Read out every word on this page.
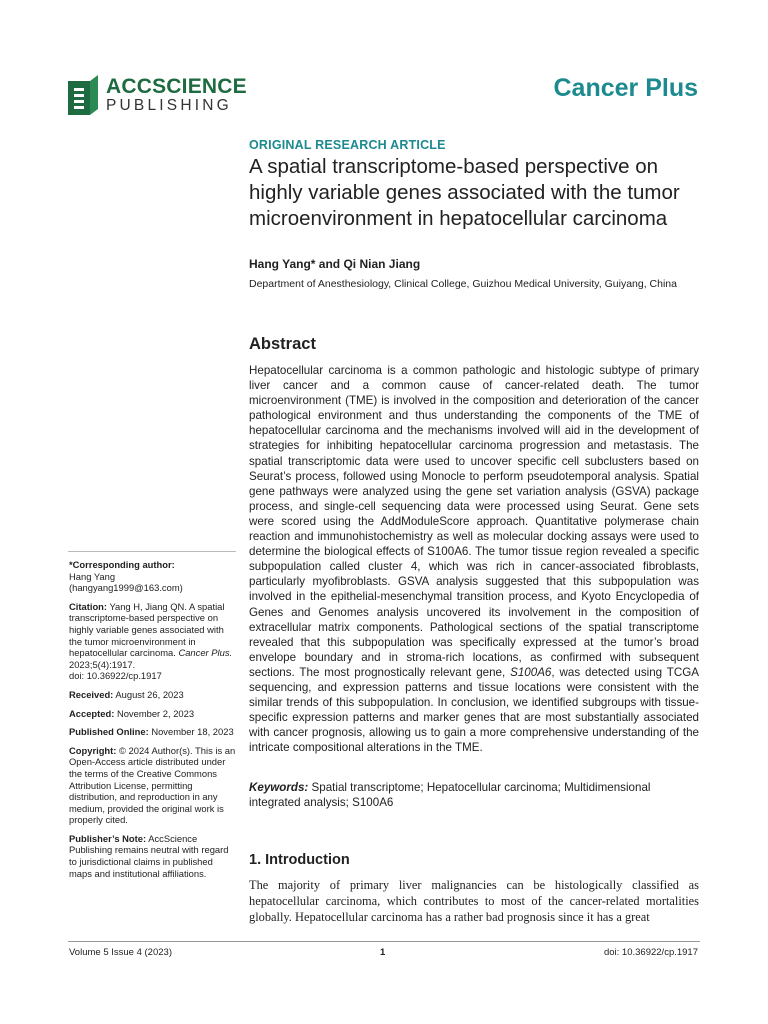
ACCSCIENCE
PUBLISHING
Cancer Plus
ORIGINAL RESEARCH ARTICLE
A spatial transcriptome-based perspective on highly variable genes associated with the tumor microenvironment in hepatocellular carcinoma
Hang Yang* and Qi Nian Jiang
Department of Anesthesiology, Clinical College, Guizhou Medical University, Guiyang, China
Abstract
Hepatocellular carcinoma is a common pathologic and histologic subtype of primary liver cancer and a common cause of cancer-related death. The tumor microenvironment (TME) is involved in the composition and deterioration of the cancer pathological environment and thus understanding the components of the TME of hepatocellular carcinoma and the mechanisms involved will aid in the development of strategies for inhibiting hepatocellular carcinoma progression and metastasis. The spatial transcriptomic data were used to uncover specific cell subclusters based on Seurat’s process, followed using Monocle to perform pseudotemporal analysis. Spatial gene pathways were analyzed using the gene set variation analysis (GSVA) package process, and single-cell sequencing data were processed using Seurat. Gene sets were scored using the AddModuleScore approach. Quantitative polymerase chain reaction and immunohistochemistry as well as molecular docking assays were used to determine the biological effects of S100A6. The tumor tissue region revealed a specific subpopulation called cluster 4, which was rich in cancer-associated fibroblasts, particularly myofibroblasts. GSVA analysis suggested that this subpopulation was involved in the epithelial-mesenchymal transition process, and Kyoto Encyclopedia of Genes and Genomes analysis uncovered its involvement in the composition of extracellular matrix components. Pathological sections of the spatial transcriptome revealed that this subpopulation was specifically expressed at the tumor’s broad envelope boundary and in stroma-rich locations, as confirmed with subsequent sections. The most prognostically relevant gene, S100A6, was detected using TCGA sequencing, and expression patterns and tissue locations were consistent with the similar trends of this subpopulation. In conclusion, we identified subgroups with tissue-specific expression patterns and marker genes that are most substantially associated with cancer prognosis, allowing us to gain a more comprehensive understanding of the intricate compositional alterations in the TME.
Keywords: Spatial transcriptome; Hepatocellular carcinoma; Multidimensional integrated analysis; S100A6
1. Introduction
The majority of primary liver malignancies can be histologically classified as hepatocellular carcinoma, which contributes to most of the cancer-related mortalities globally. Hepatocellular carcinoma has a rather bad prognosis since it has a great
*Corresponding author:
Hang Yang
(hangyang1999@163.com)
Citation: Yang H, Jiang QN. A spatial transcriptome-based perspective on highly variable genes associated with the tumor microenvironment in hepatocellular carcinoma. Cancer Plus. 2023;5(4):1917.
doi: 10.36922/cp.1917
Received: August 26, 2023
Accepted: November 2, 2023
Published Online: November 18, 2023
Copyright: © 2024 Author(s). This is an Open-Access article distributed under the terms of the Creative Commons Attribution License, permitting distribution, and reproduction in any medium, provided the original work is properly cited.
Publisher’s Note: AccScience Publishing remains neutral with regard to jurisdictional claims in published maps and institutional affiliations.
Volume 5 Issue 4 (2023)	1	doi: 10.36922/cp.1917
